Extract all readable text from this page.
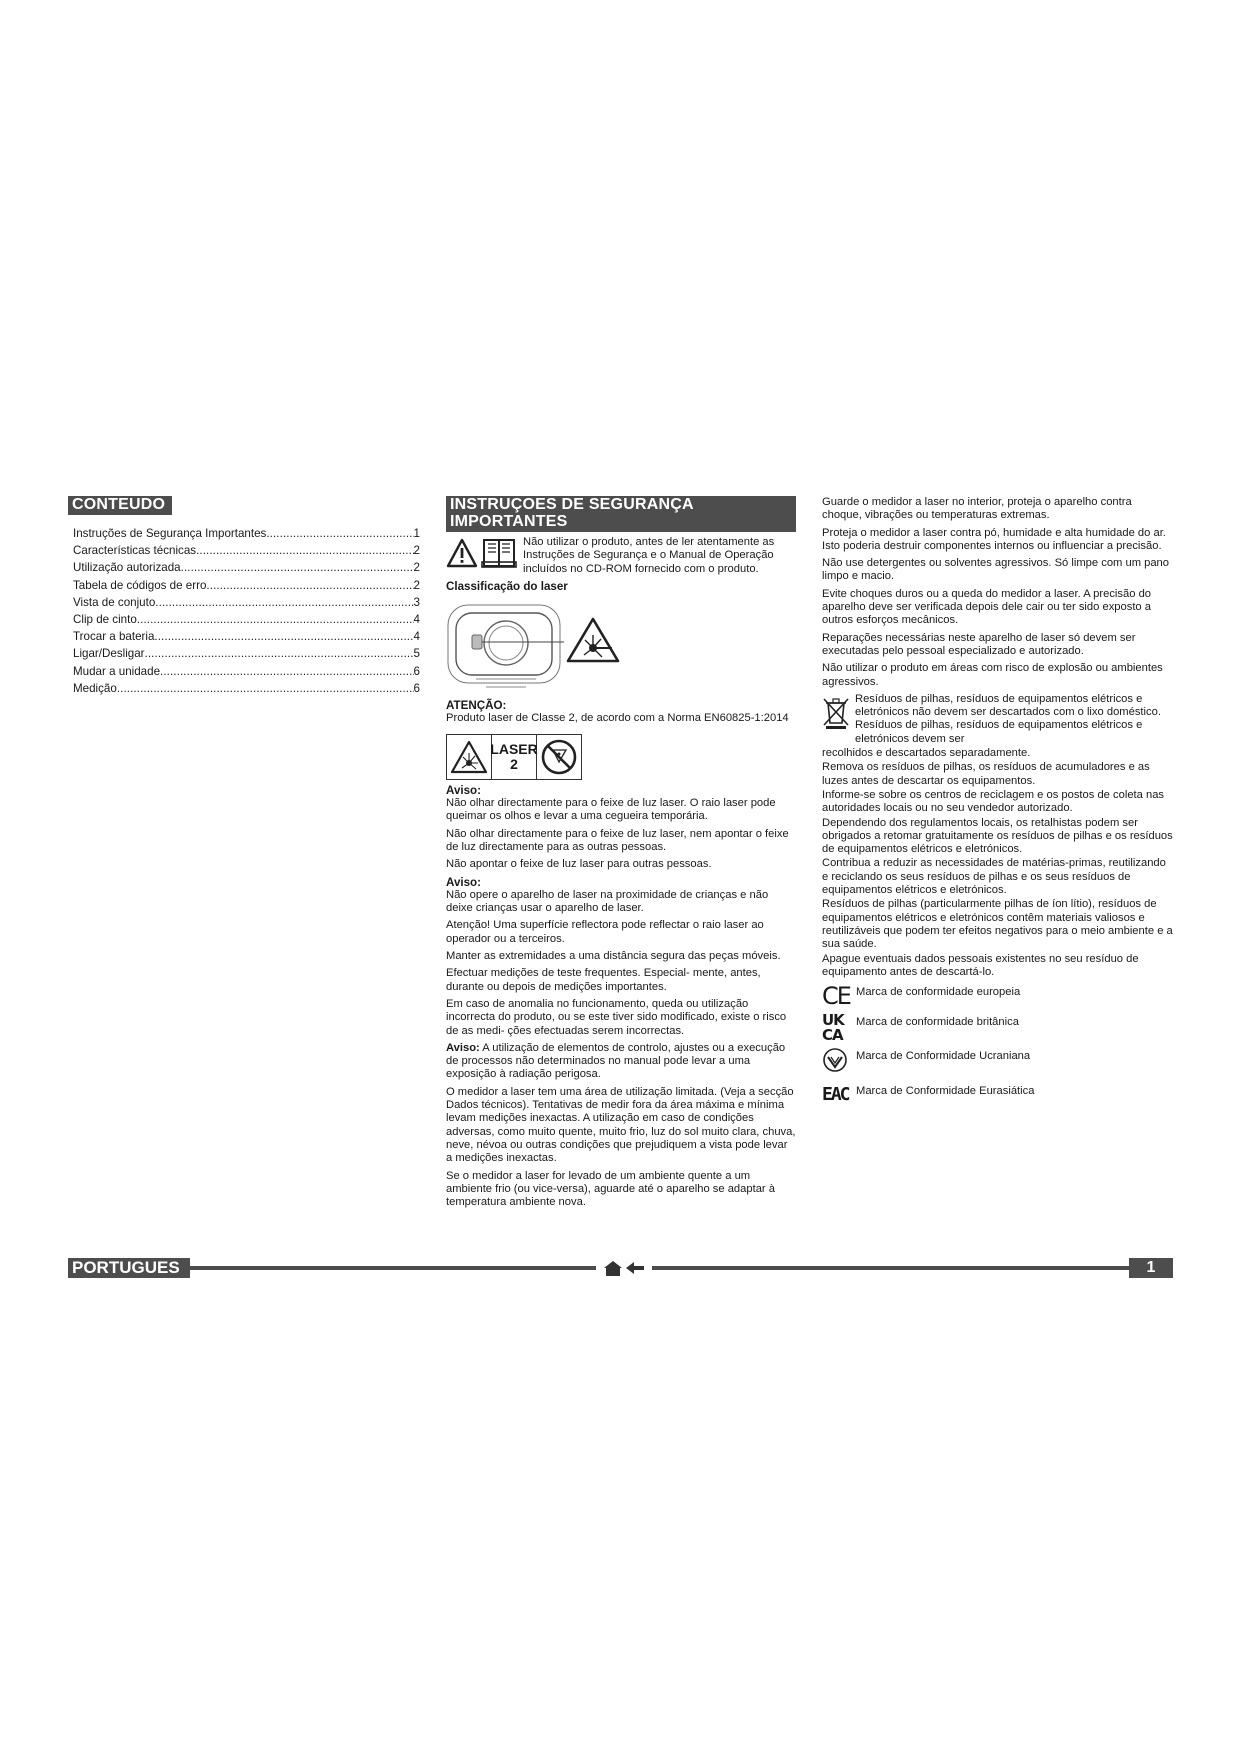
CONTEUDO
Instruções de Segurança Importantes .....	1
Características técnicas .....	2
Utilização autorizada .....	2
Tabela de códigos de erro .....	2
Vista de conjuto .....	3
Clip de cinto .....	4
Trocar a bateria .....	4
Ligar/Desligar .....	5
Mudar a unidade .....	6
Medição .....	6
INSTRUÇOES DE SEGURANÇA IMPORTANTES
Não utilizar o produto, antes de ler atentamente as Instruções de Segurança e o Manual de Operação incluídos no CD-ROM fornecido com o produto.
Classificação do laser
ATENÇÃO:
Produto laser de Classe 2, de acordo com a Norma EN60825-1:2014
LASER
2
Aviso:
Não olhar directamente para o feixe de luz laser. O raio laser pode queimar os olhos e levar a uma cegueira temporária.
Não olhar directamente para o feixe de luz laser, nem apontar o feixe de luz directamente para as outras pessoas.
Não apontar o feixe de luz laser para outras pessoas.
Aviso:
Não opere o aparelho de laser na proximidade de crianças e não deixe crianças usar o aparelho de laser.
Atenção! Uma superfície reflectora pode reflectar o raio laser ao operador ou a terceiros.
Manter as extremidades a uma distância segura das peças móveis.
Efectuar medições de teste frequentes. Especial- mente, antes, durante ou depois de medições importantes.
Em caso de anomalia no funcionamento, queda ou utilização incorrecta do produto, ou se este tiver sido modificado, existe o risco de as medi- ções efectuadas serem incorrectas.
Aviso: A utilização de elementos de controlo, ajustes ou a execução de processos não determinados no manual pode levar a uma exposição à radiação perigosa.
O medidor a laser tem uma área de utilização limitada. (Veja a secção Dados técnicos). Tentativas de medir fora da área máxima e mínima levam medições inexactas. A utilização em caso de condições adversas, como muito quente, muito frio, luz do sol muito clara, chuva, neve, névoa ou outras condições que prejudiquem a vista pode levar a medições inexactas.
Se o medidor a laser for levado de um ambiente quente a um ambiente frio (ou vice-versa), aguarde até o aparelho se adaptar à temperatura ambiente nova.
Guarde o medidor a laser no interior, proteja o aparelho contra choque, vibrações ou temperaturas extremas.
Proteja o medidor a laser contra pó, humidade e alta humidade do ar. Isto poderia destruir componentes internos ou influenciar a precisão.
Não use detergentes ou solventes agressivos. Só limpe com um pano limpo e macio.
Evite choques duros ou a queda do medidor a laser. A precisão do aparelho deve ser verificada depois dele cair ou ter sido exposto a outros esforços mecânicos.
Reparações necessárias neste aparelho de laser só devem ser executadas pelo pessoal especializado e autorizado.
Não utilizar o produto em áreas com risco de explosão ou ambientes agressivos.
Resíduos de pilhas, resíduos de equipamentos elétricos e eletrónicos não devem ser descartados com o lixo doméstico. Resíduos de pilhas, resíduos de equipamentos elétricos e eletrónicos devem ser
recolhidos e descartados separadamente.
Remova os resíduos de pilhas, os resíduos de acumuladores e as luzes antes de descartar os equipamentos.
Informe-se sobre os centros de reciclagem e os postos de coleta nas autoridades locais ou no seu vendedor autorizado.
Dependendo dos regulamentos locais, os retalhistas podem ser obrigados a retomar gratuitamente os resíduos de pilhas e os resíduos de equipamentos elétricos e eletrónicos.
Contribua a reduzir as necessidades de matérias-primas, reutilizando e reciclando os seus resíduos de pilhas e os seus resíduos de equipamentos elétricos e eletrónicos.
Resíduos de pilhas (particularmente pilhas de íon lítio), resíduos de equipamentos elétricos e eletrónicos contêm materiais valiosos e reutilizáveis que podem ter efeitos negativos para o meio ambiente e a sua saúde.
Apague eventuais dados pessoais existentes no seu resíduo de equipamento antes de descartá-lo.
CE Marca de conformidade europeia
UK
CA
Marca de conformidade britânica
Marca de Conformidade Ucraniana
EAC Marca de Conformidade Eurasiática
PORTUGUES	1
